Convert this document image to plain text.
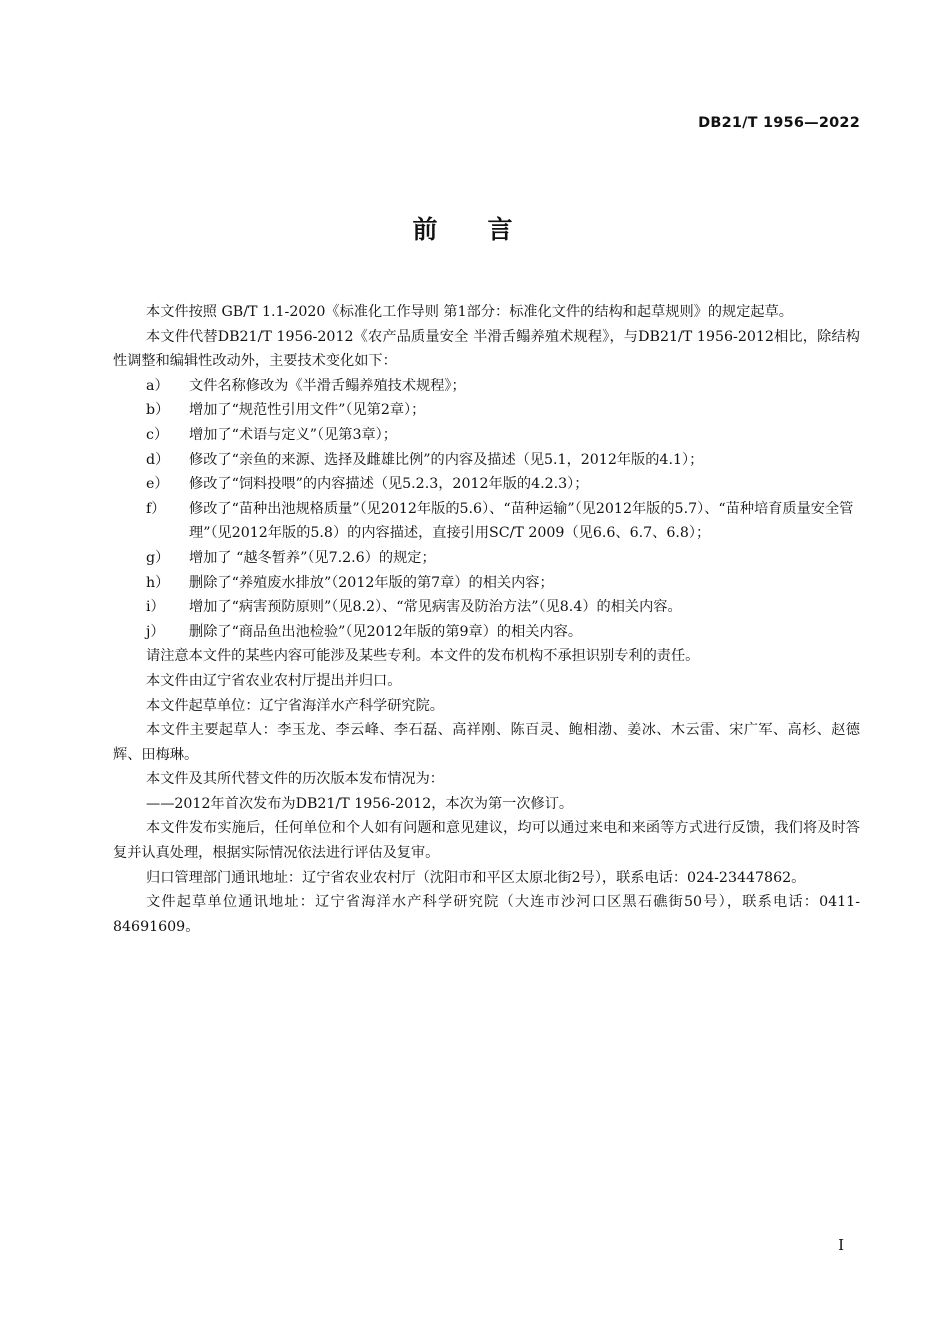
DB21/T 1956—2022
前言

本文件按照 GB/T 1.1-2020《标准化工作导则 第1部分：标准化文件的结构和起草规则》的规定起草。

本文件代替DB21/T 1956-2012《农产品质量安全 半滑舌鳎养殖术规程》，与DB21/T 1956-2012相比，除结构性调整和编辑性改动外，主要技术变化如下：

a） 文件名称修改为《半滑舌鳎养殖技术规程》；
b） 增加了“规范性引用文件”（见第2章）；
c） 增加了“术语与定义”（见第3章）；
d） 修改了“亲鱼的来源、选择及雌雄比例”的内容及描述（见5.1，2012年版的4.1）；
e） 修改了“饲料投喂”的内容描述（见5.2.3，2012年版的4.2.3）；
f） 修改了“苗种出池规格质量”（见2012年版的5.6）、“苗种运输”（见2012年版的5.7）、“苗种培育质量安全管理”（见2012年版的5.8）的内容描述，直接引用SC/T 2009（见6.6、6.7、6.8）；
g） 增加了 “越冬暂养”（见7.2.6）的规定；
h） 删除了“养殖废水排放”（2012年版的第7章）的相关内容；
i） 增加了“病害预防原则”（见8.2）、“常见病害及防治方法”（见8.4）的相关内容。
j） 删除了“商品鱼出池检验”（见2012年版的第9章）的相关内容。

请注意本文件的某些内容可能涉及某些专利。本文件的发布机构不承担识别专利的责任。

本文件由辽宁省农业农村厅提出并归口。

本文件起草单位：辽宁省海洋水产科学研究院。

本文件主要起草人：李玉龙、李云峰、李石磊、高祥刚、陈百灵、鲍相渤、姜冰、木云雷、宋广军、高杉、赵德辉、田梅琳。

本文件及其所代替文件的历次版本发布情况为：

——2012年首次发布为DB21/T 1956-2012，本次为第一次修订。

本文件发布实施后，任何单位和个人如有问题和意见建议，均可以通过来电和来函等方式进行反馈，我们将及时答复并认真处理，根据实际情况依法进行评估及复审。

归口管理部门通讯地址：辽宁省农业农村厅（沈阳市和平区太原北街2号），联系电话：024-23447862。

文件起草单位通讯地址：辽宁省海洋水产科学研究院（大连市沙河口区黑石礁街50号），联系电话：0411-84691609。

I
